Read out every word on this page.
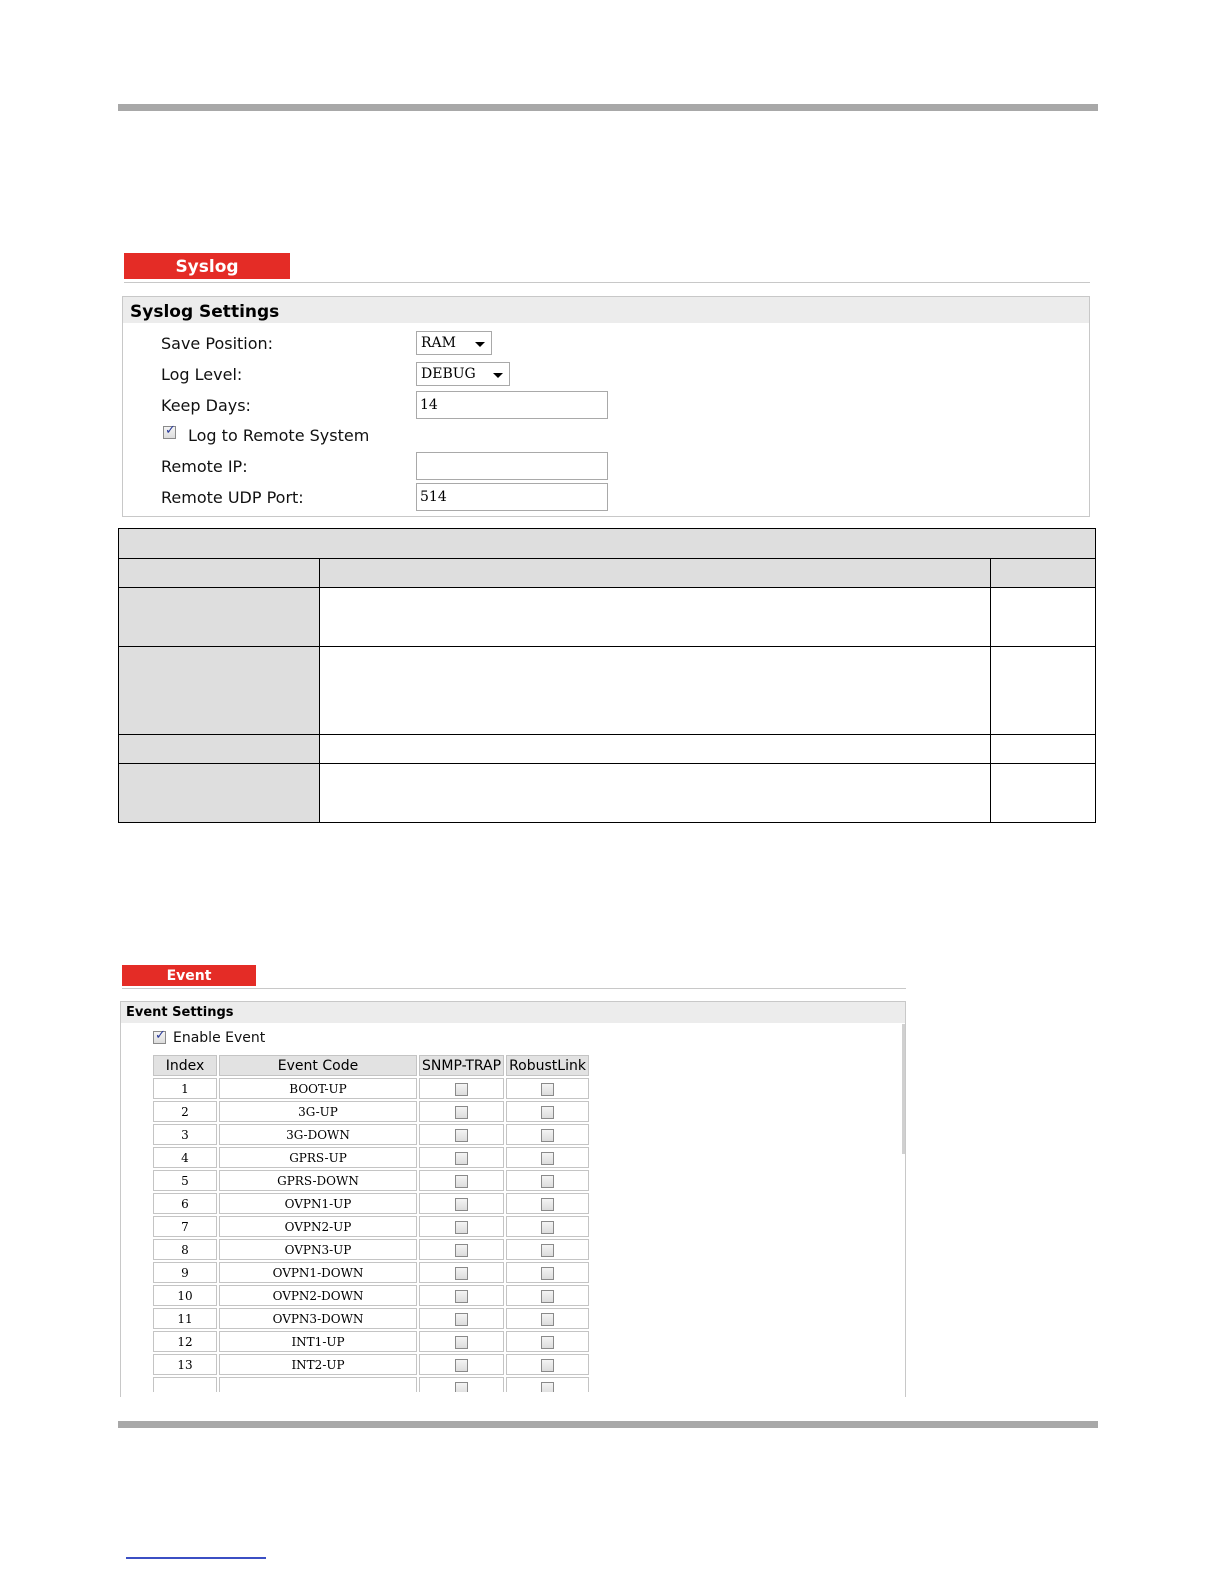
Syslog
Syslog Settings
Save Position:	RAM
Log Level:	DEBUG
Keep Days:	14
✓
Log to Remote System
Remote IP:
Remote UDP Port:	514

Event
Event Settings
✓
Enable Event
Index	Event Code	SNMP-TRAP	RobustLink
1	BOOT-UP		
2	3G-UP		
3	3G-DOWN		
4	GPRS-UP		
5	GPRS-DOWN		
6	OVPN1-UP		
7	OVPN2-UP		
8	OVPN3-UP		
9	OVPN1-DOWN		
10	OVPN2-DOWN		
11	OVPN3-DOWN		
12	INT1-UP		
13	INT2-UP		
